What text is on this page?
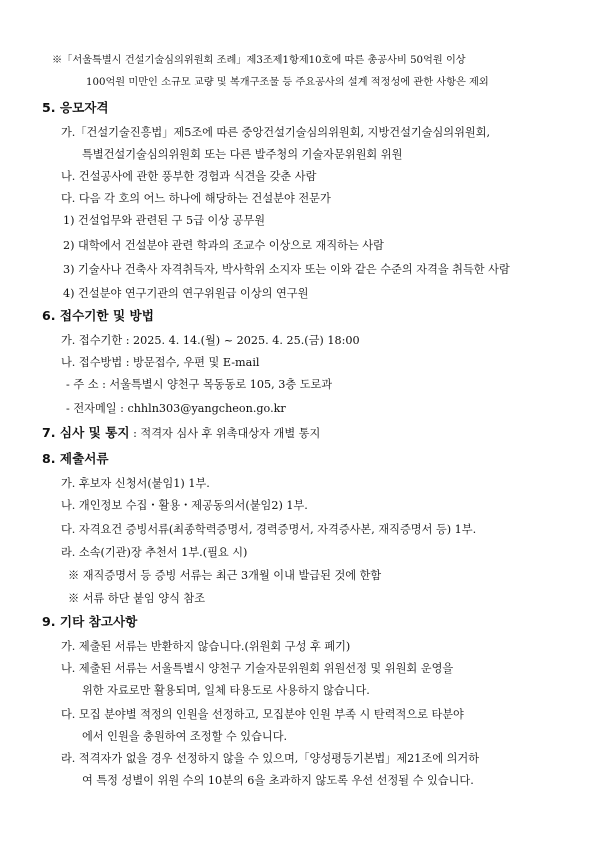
※「서울특별시 건설기술심의위원회 조례」제3조제1항제10호에 따른 총공사비 50억원 이상
100억원 미만인 소규모 교량 및 복개구조물 등 주요공사의 설계 적정성에 관한 사항은 제외
5. 응모자격
가.「건설기술진흥법」제5조에 따른 중앙건설기술심의위원회, 지방건설기술심의위원회,
특별건설기술심의위원회 또는 다른 발주청의 기술자문위원회 위원
나. 건설공사에 관한 풍부한 경험과 식견을 갖춘 사람
다. 다음 각 호의 어느 하나에 해당하는 건설분야 전문가
1) 건설업무와 관련된 구 5급 이상 공무원
2) 대학에서 건설분야 관련 학과의 조교수 이상으로 재직하는 사람
3) 기술사나 건축사 자격취득자, 박사학위 소지자 또는 이와 같은 수준의 자격을 취득한 사람
4) 건설분야 연구기관의 연구위원급 이상의 연구원
6. 접수기한 및 방법
가. 접수기한 : 2025. 4. 14.(월) ~ 2025. 4. 25.(금) 18:00
나. 접수방법 : 방문접수, 우편 및 E-mail
- 주 소 : 서울특별시 양천구 목동동로 105, 3층 도로과
- 전자메일 : chhln303@yangcheon.go.kr
7. 심사 및 통지 : 적격자 심사 후 위촉대상자 개별 통지
8. 제출서류
가. 후보자 신청서(붙임1) 1부.
나. 개인정보 수집・활용・제공동의서(붙임2) 1부.
다. 자격요건 증빙서류(최종학력증명서, 경력증명서, 자격증사본, 재직증명서 등) 1부.
라. 소속(기관)장 추천서 1부.(필요 시)
※ 재직증명서 등 증빙 서류는 최근 3개월 이내 발급된 것에 한함
※ 서류 하단 붙임 양식 참조
9. 기타 참고사항
가. 제출된 서류는 반환하지 않습니다.(위원회 구성 후 폐기)
나. 제출된 서류는 서울특별시 양천구 기술자문위원회 위원선정 및 위원회 운영을
위한 자료로만 활용되며, 일체 타용도로 사용하지 않습니다.
다. 모집 분야별 적정의 인원을 선정하고, 모집분야 인원 부족 시 탄력적으로 타분야
에서 인원을 충원하여 조정할 수 있습니다.
라. 적격자가 없을 경우 선정하지 않을 수 있으며,「양성평등기본법」제21조에 의거하
여 특정 성별이 위원 수의 10분의 6을 초과하지 않도록 우선 선정될 수 있습니다.
